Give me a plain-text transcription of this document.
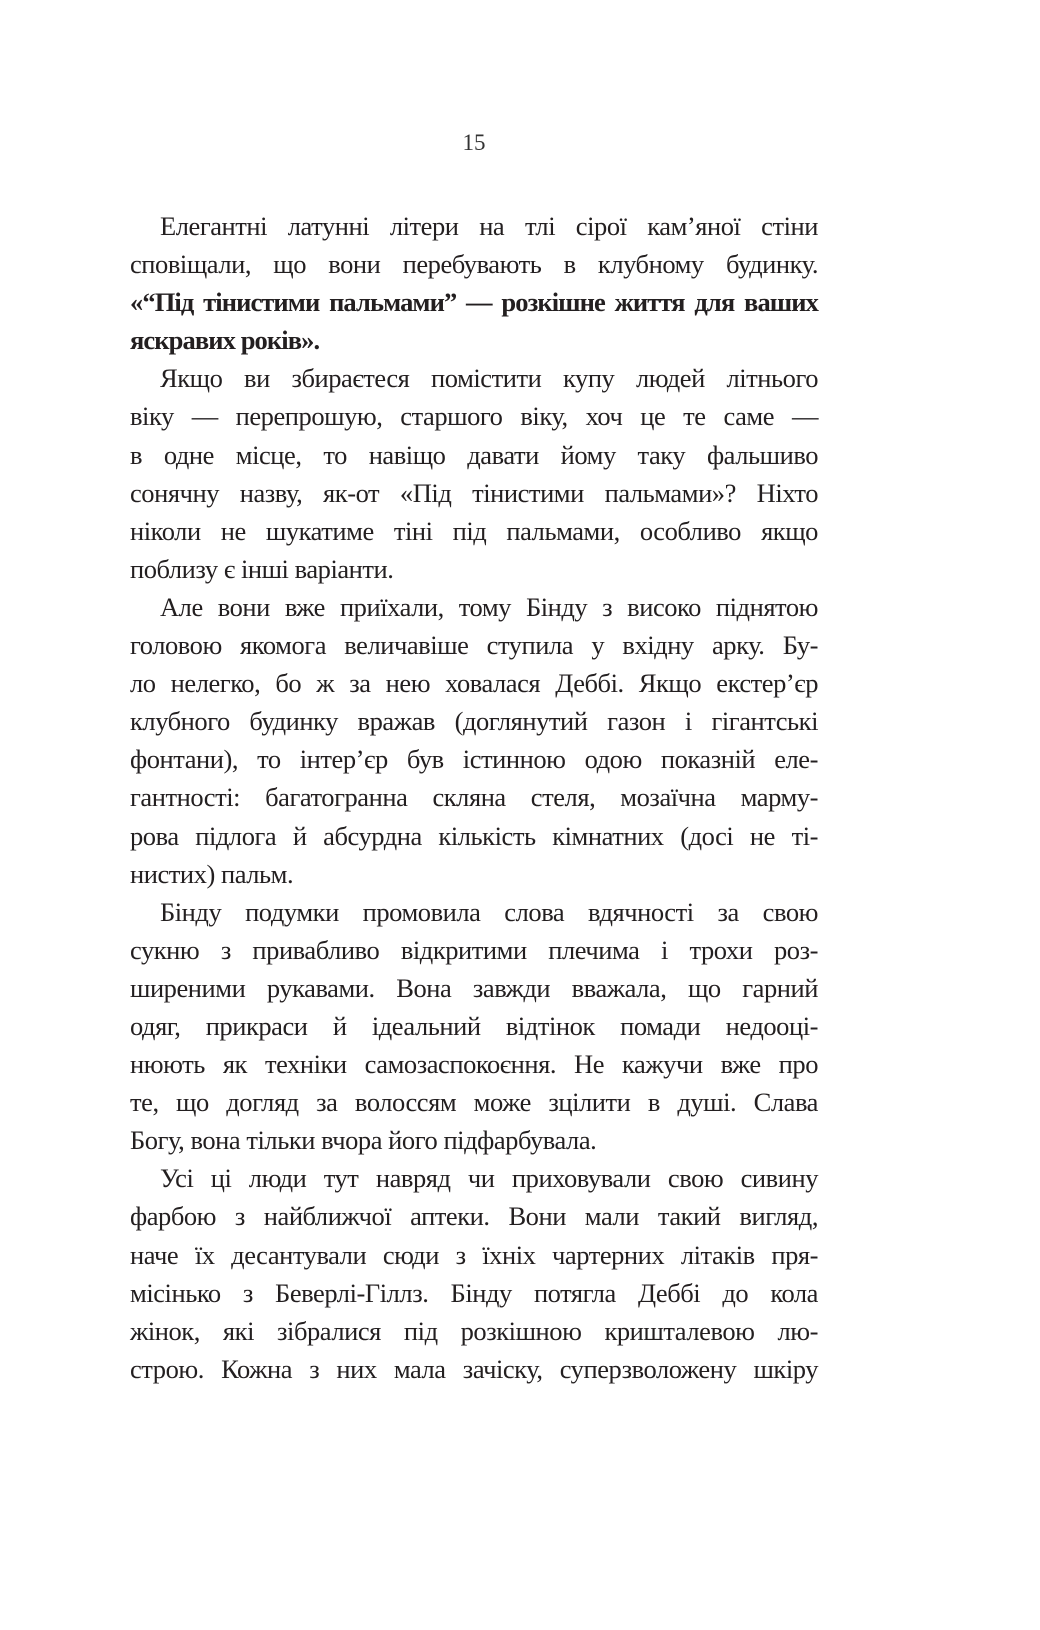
15
Елегантні латунні літери на тлі сірої кам’яної стіни
сповіщали, що вони перебувають в клубному будинку.
«“Під тінистими пальмами” — розкішне життя для ваших
яскравих років».
Якщо ви збираєтеся помістити купу людей літнього
віку — перепрошую, старшого віку, хоч це те саме —
в одне місце, то навіщо давати йому таку фальшиво
сонячну назву, як-от «Під тінистими пальмами»? Ніхто
ніколи не шукатиме тіні під пальмами, особливо якщо
поблизу є інші варіанти.
Але вони вже приїхали, тому Бінду з високо піднятою
головою якомога величавіше ступила у вхідну арку. Бу-
ло нелегко, бо ж за нею ховалася Деббі. Якщо екстер’єр
клубного будинку вражав (доглянутий газон і гігантські
фонтани), то інтер’єр був істинною одою показній еле-
гантності: багатогранна скляна стеля, мозаїчна марму-
рова підлога й абсурдна кількість кімнатних (досі не ті-
нистих) пальм.
Бінду подумки промовила слова вдячності за свою
сукню з привабливо відкритими плечима і трохи роз-
ширеними рукавами. Вона завжди вважала, що гарний
одяг, прикраси й ідеальний відтінок помади недооці-
нюють як техніки самозаспокоєння. Не кажучи вже про
те, що догляд за волоссям може зцілити в душі. Слава
Богу, вона тільки вчора його підфарбувала.
Усі ці люди тут навряд чи приховували свою сивину
фарбою з найближчої аптеки. Вони мали такий вигляд,
наче їх десантували сюди з їхніх чартерних літаків пря-
місінько з Беверлі-Гіллз. Бінду потягла Деббі до кола
жінок, які зібралися під розкішною кришталевою лю-
строю. Кожна з них мала зачіску, суперзволожену шкіру
